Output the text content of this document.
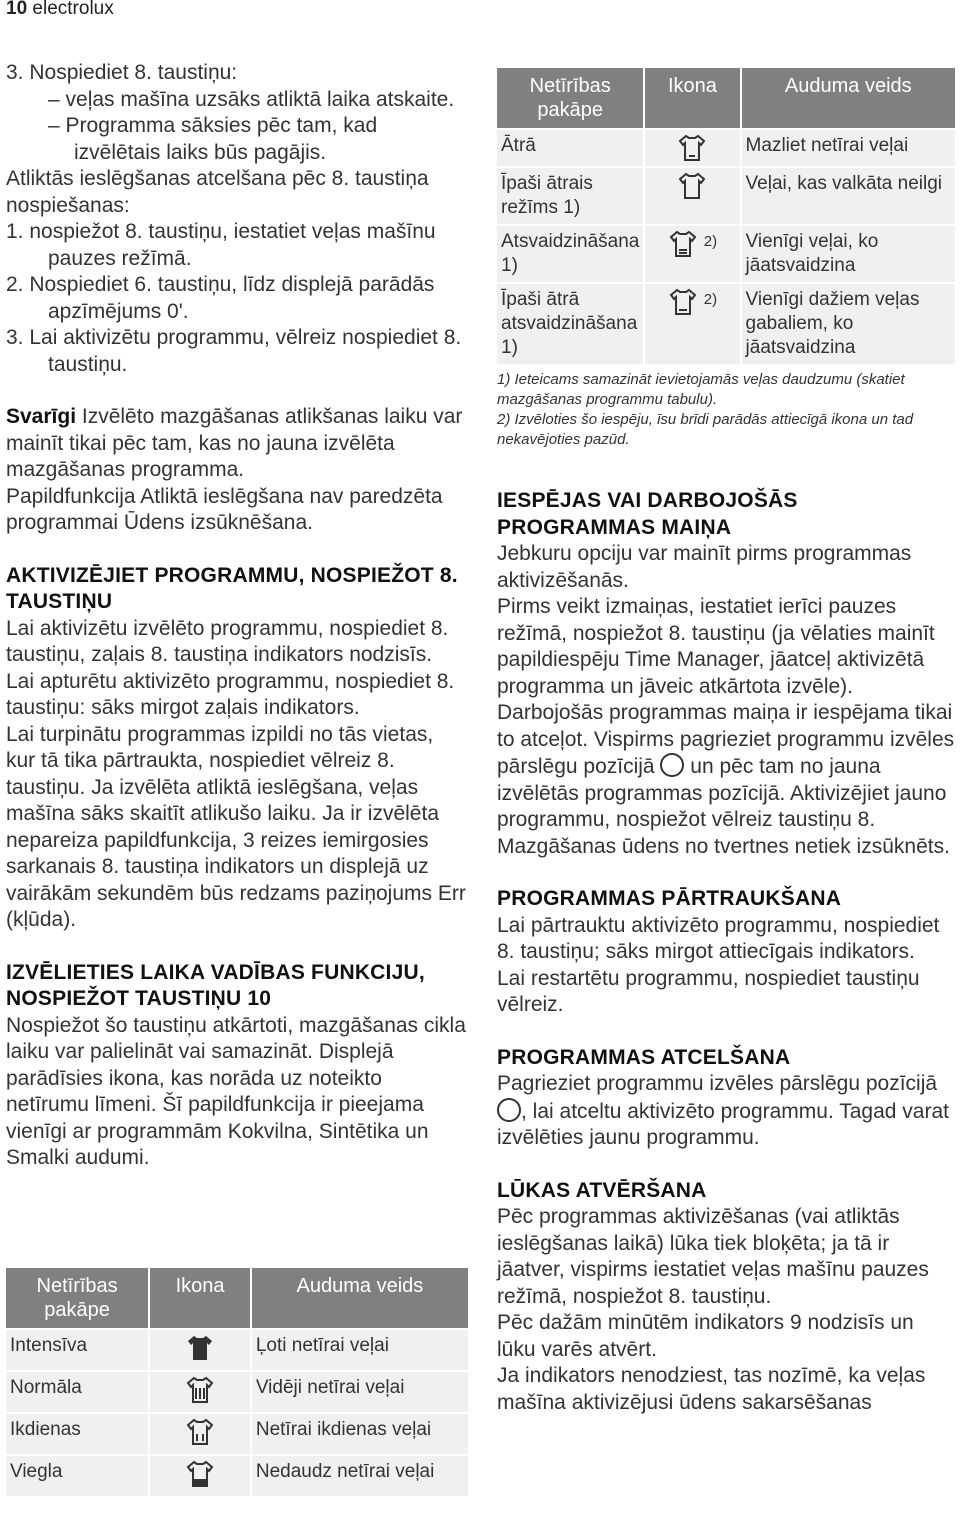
10 electrolux

3. Nospiediet 8. taustiņu:

– veļas mašīna uzsāks atliktā laika atskaite.

– Programma sāksies pēc tam, kad izvēlētais laiks būs pagājis.

Atliktās ieslēgšanas atcelšana pēc 8. taustiņa nospiešanas:

1. nospiežot 8. taustiņu, iestatiet veļas mašīnu pauzes režīmā.

2. Nospiediet 6. taustiņu, līdz displejā parādās apzīmējums 0'.

3. Lai aktivizētu programmu, vēlreiz nospiediet 8. taustiņu.

Svarīgi Izvēlēto mazgāšanas atlikšanas laiku var mainīt tikai pēc tam, kas no jauna izvēlēta mazgāšanas programma.

Papildfunkcija Atliktā ieslēgšana nav paredzēta programmai Ūdens izsūknēšana.

AKTIVIZĒJIET PROGRAMMU, NOSPIEŽOT 8. TAUSTIŅU

Lai aktivizētu izvēlēto programmu, nospiediet 8. taustiņu, zaļais 8. taustiņa indikators nodzisīs.

Lai apturētu aktivizēto programmu, nospiediet 8. taustiņu: sāks mirgot zaļais indikators.

Lai turpinātu programmas izpildi no tās vietas, kur tā tika pārtraukta, nospiediet vēlreiz 8. taustiņu. Ja izvēlēta atliktā ieslēgšana, veļas mašīna sāks skaitīt atlikušo laiku. Ja ir izvēlēta nepareiza papildfunkcija, 3 reizes iemirgosies sarkanais 8. taustiņa indikators un displejā uz vairākām sekundēm būs redzams paziņojums Err (kļūda).

IZVĒLIETIES LAIKA VADĪBAS FUNKCIJU, NOSPIEŽOT TAUSTIŅU 10

Nospiežot šo taustiņu atkārtoti, mazgāšanas cikla laiku var palielināt vai samazināt. Displejā parādīsies ikona, kas norāda uz noteikto netīrumu līmeni. Šī papildfunkcija ir pieejama vienīgi ar programmām Kokvilna, Sintētika un Smalki audumi.

Netīrības pakāpe	Ikona	Auduma veids
Intensīva		Ļoti netīrai veļai
Normāla		Vidēji netīrai veļai
Ikdienas		Netīrai ikdienas veļai
Viegla		Nedaudz netīrai veļai
Netīrības pakāpe	Ikona	Auduma veids
Ātrā		Mazliet netīrai veļai
Īpaši ātrais režīms 1)		Veļai, kas valkāta neilgi
Atsvaidzināšana 1)	$^{2)}$	Vienīgi veļai, ko jāatsvaidzina
Īpaši ātrā atsvaidzināšana 1)	$^{2)}$	Vienīgi dažiem veļas gabaliem, ko jāatsvaidzina

1) Ieteicams samazināt ievietojamās veļas daudzumu (skatiet mazgāšanas programmu tabulu).

2) Izvēloties šo iespēju, īsu brīdi parādās attiecīgā ikona un tad nekavējoties pazūd.

IESPĒJAS VAI DARBOJOŠĀS PROGRAMMAS MAIŅA

Jebkuru opciju var mainīt pirms programmas aktivizēšanās.

Pirms veikt izmaiņas, iestatiet ierīci pauzes režīmā, nospiežot 8. taustiņu (ja vēlaties mainīt papildiespēju Time Manager, jāatceļ aktivizētā programma un jāveic atkārtota izvēle).

Darbojošās programmas maiņa ir iespējama tikai to atceļot. Vispirms pagrieziet programmu izvēles pārslēgu pozīcijā un pēc tam no jauna izvēlētās programmas pozīcijā. Aktivizējiet jauno programmu, nospiežot vēlreiz taustiņu 8. Mazgāšanas ūdens no tvertnes netiek izsūknēts.

PROGRAMMAS PĀRTRAUKŠANA

Lai pārtrauktu aktivizēto programmu, nospiediet 8. taustiņu; sāks mirgot attiecīgais indikators.

Lai restartētu programmu, nospiediet taustiņu vēlreiz.

PROGRAMMAS ATCELŠANA

Pagrieziet programmu izvēles pārslēgu pozīcijā , lai atceltu aktivizēto programmu. Tagad varat izvēlēties jaunu programmu.

LŪKAS ATVĒRŠANA

Pēc programmas aktivizēšanas (vai atliktās ieslēgšanas laikā) lūka tiek bloķēta; ja tā ir jāatver, vispirms iestatiet veļas mašīnu pauzes režīmā, nospiežot 8. taustiņu.

Pēc dažām minūtēm indikators 9 nodzisīs un lūku varēs atvērt.

Ja indikators nenodziest, tas nozīmē, ka veļas mašīna aktivizējusi ūdens sakarsēšanas
